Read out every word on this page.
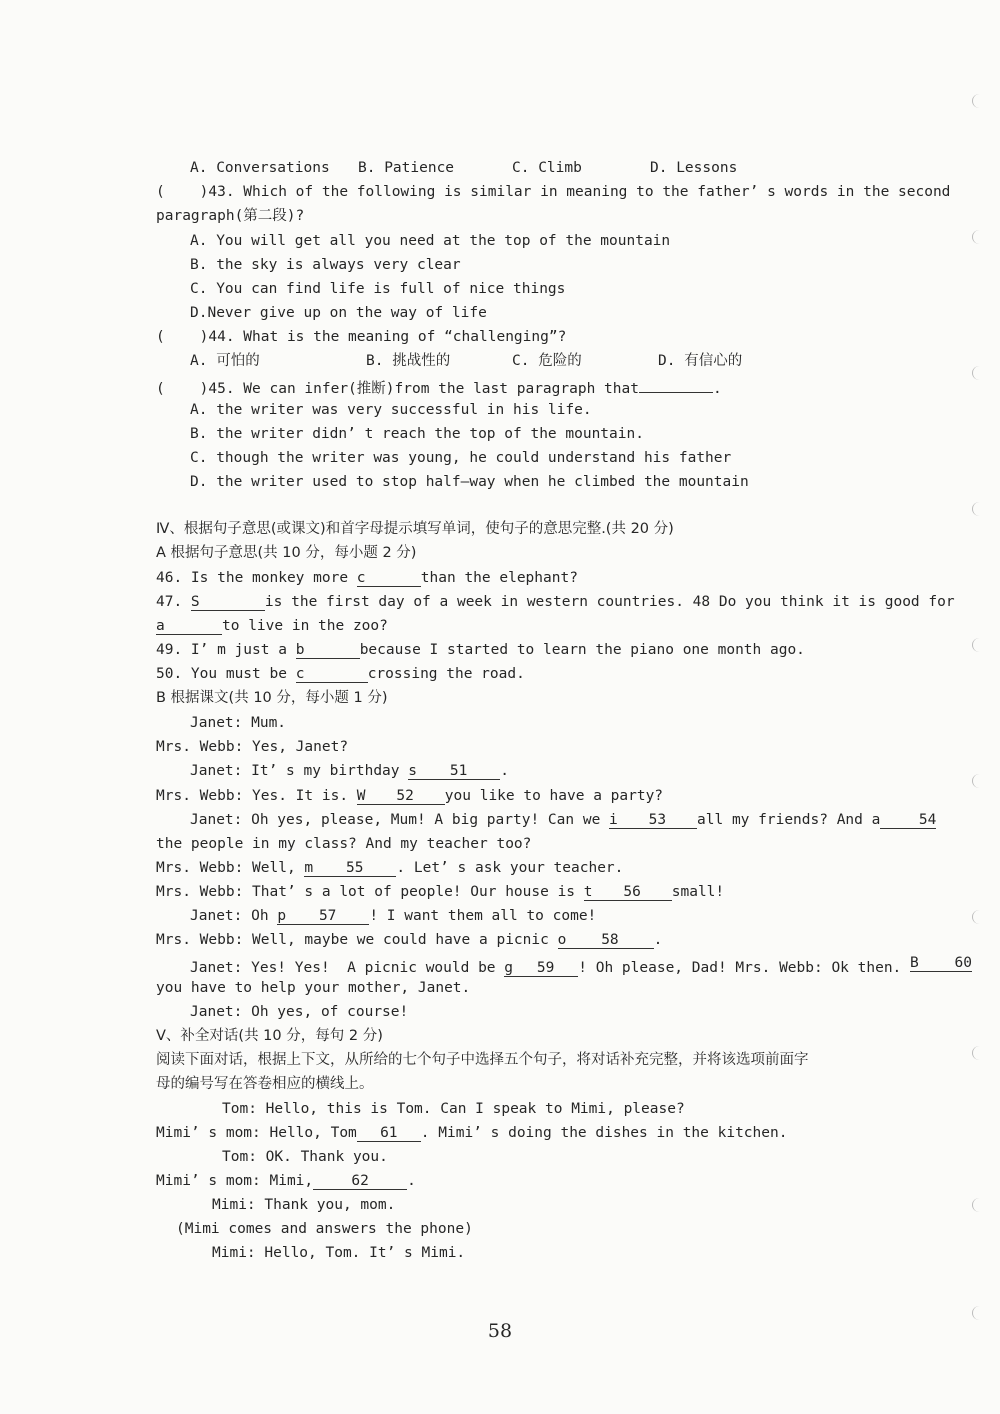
A. Conversations

B. Patience

	C. Climb

	D. Lessons

(    )43. Which of the following is similar in meaning to the father’ s words in the second
paragraph(第二段)?
A. You will get all you need at the top of the mountain
B. the sky is always very clear
C. You can find life is full of nice things
D.Never give up on the way of life
(    )44. What is the meaning of “challenging”?

A. 可怕的

	B. 挑战性的

	C. 危险的

	D. 有信心的

(    )45. We can infer(推断)from the last paragraph that	.
A. the writer was very successful in his life.
B. the writer didn’ t reach the top of the mountain.
C. though the writer was young, he could understand his father
D. the writer used to stop half—way when he climbed the mountain
Ⅳ、根据句子意思(或课文)和首字母提示填写单词，使句子的意思完整.(共 20 分)
A 根据句子意思(共 10 分，每小题 2 分)
46. Is the monkey more c	than the elephant?
47. S	is the first day of a week in western countries. 48 Do you think it is good for
a	to live in the zoo?
49. I’ m just a b	because I started to learn the piano one month ago.
50. You must be c	crossing the road.
B 根据课文(共 10 分，每小题 1 分)
Janet: Mum.
Mrs. Webb: Yes, Janet?
Janet: It’ s my birthday s 51 .
Mrs. Webb: Yes. It is. W 52 you like to have a party?
Janet: Oh yes, please, Mum! A big party! Can we i 53 all my friends? And a	54
the people in my class? And my teacher too?
Mrs. Webb: Well, m 55 . Let’ s ask your teacher.
Mrs. Webb: That’ s a lot of people! Our house is t 56 small!
Janet: Oh p 57 ! I want them all to come!
Mrs. Webb: Well, maybe we could have a picnic o 58 .
Janet: Yes! Yes!  A picnic would be g 59 ! Oh please, Dad! Mrs. Webb: Ok then. B 60
you have to help your mother, Janet.
Janet: Oh yes, of course!
Ⅴ、补全对话(共 10 分，每句 2 分)
阅读下面对话，根据上下文，从所给的七个句子中选择五个句子，将对话补充完整，并将该选项前面字
母的编号写在答卷相应的横线上。
Tom: Hello, this is Tom. Can I speak to Mimi, please?
Mimi’ s mom: Hello, Tom 61 . Mimi’ s doing the dishes in the kitchen.
Tom: OK. Thank you.
Mimi’ s mom: Mimi,	62	.
Mimi: Thank you, mom.
(Mimi comes and answers the phone)
Mimi: Hello, Tom. It’ s Mimi.
58
